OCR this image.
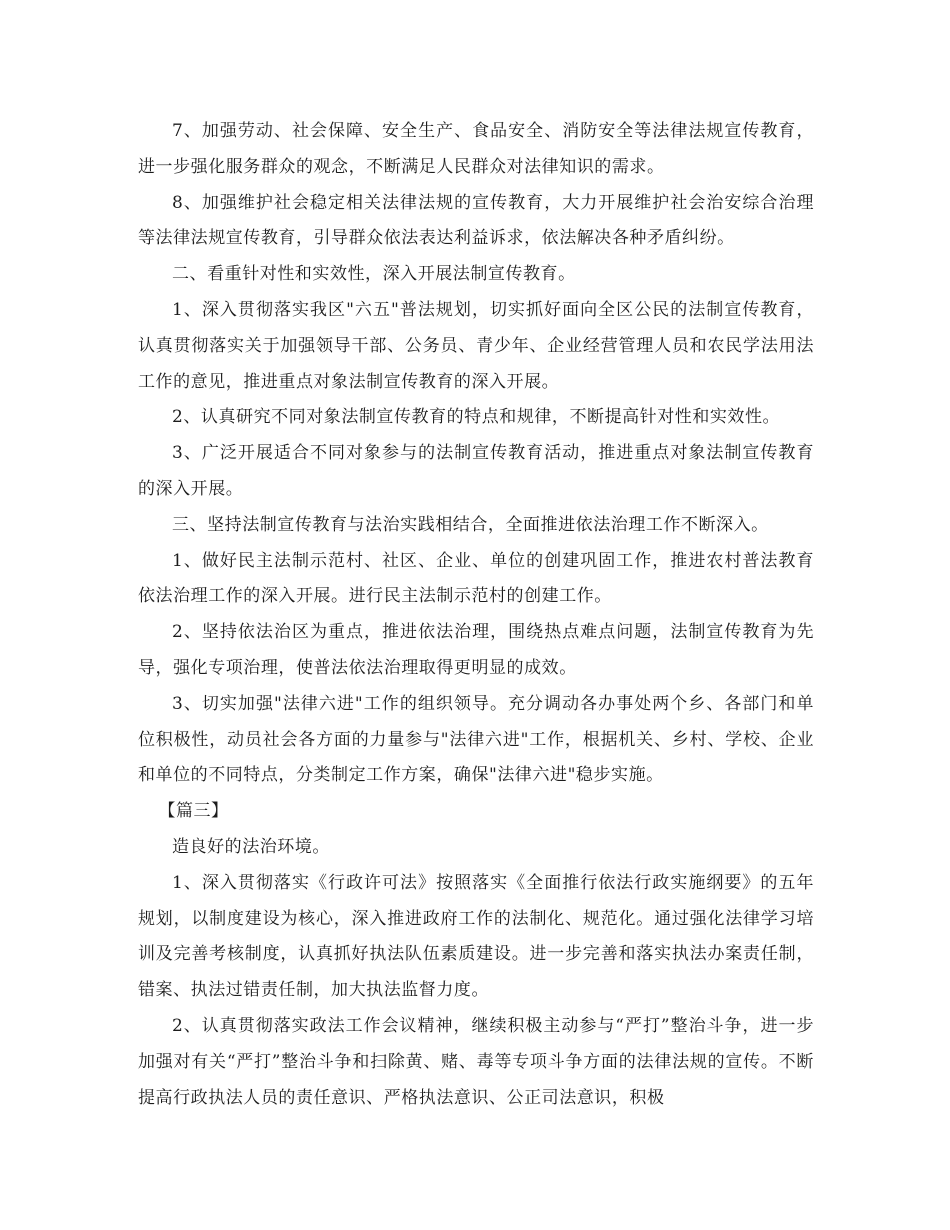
7、加强劳动、社会保障、安全生产、食品安全、消防安全等法律法规宣传教育，进一步强化服务群众的观念，不断满足人民群众对法律知识的需求。

8、加强维护社会稳定相关法律法规的宣传教育，大力开展维护社会治安综合治理等法律法规宣传教育，引导群众依法表达利益诉求，依法解决各种矛盾纠纷。

二、看重针对性和实效性，深入开展法制宣传教育。

1、深入贯彻落实我区"六五"普法规划，切实抓好面向全区公民的法制宣传教育，认真贯彻落实关于加强领导干部、公务员、青少年、企业经营管理人员和农民学法用法工作的意见，推进重点对象法制宣传教育的深入开展。

2、认真研究不同对象法制宣传教育的特点和规律，不断提高针对性和实效性。

3、广泛开展适合不同对象参与的法制宣传教育活动，推进重点对象法制宣传教育的深入开展。

三、坚持法制宣传教育与法治实践相结合，全面推进依法治理工作不断深入。

1、做好民主法制示范村、社区、企业、单位的创建巩固工作，推进农村普法教育依法治理工作的深入开展。进行民主法制示范村的创建工作。

2、坚持依法治区为重点，推进依法治理，围绕热点难点问题，法制宣传教育为先导，强化专项治理，使普法依法治理取得更明显的成效。

3、切实加强"法律六进"工作的组织领导。充分调动各办事处两个乡、各部门和单位积极性，动员社会各方面的力量参与"法律六进"工作，根据机关、乡村、学校、企业和单位的不同特点，分类制定工作方案，确保"法律六进"稳步实施。

【篇三】

造良好的法治环境。

1、深入贯彻落实《行政许可法》按照落实《全面推行依法行政实施纲要》的五年规划，以制度建设为核心，深入推进政府工作的法制化、规范化。通过强化法律学习培训及完善考核制度，认真抓好执法队伍素质建设。进一步完善和落实执法办案责任制，错案、执法过错责任制，加大执法监督力度。

2、认真贯彻落实政法工作会议精神，继续积极主动参与“严打”整治斗争，进一步加强对有关“严打”整治斗争和扫除黄、赌、毒等专项斗争方面的法律法规的宣传。不断提高行政执法人员的责任意识、严格执法意识、公正司法意识，积极
